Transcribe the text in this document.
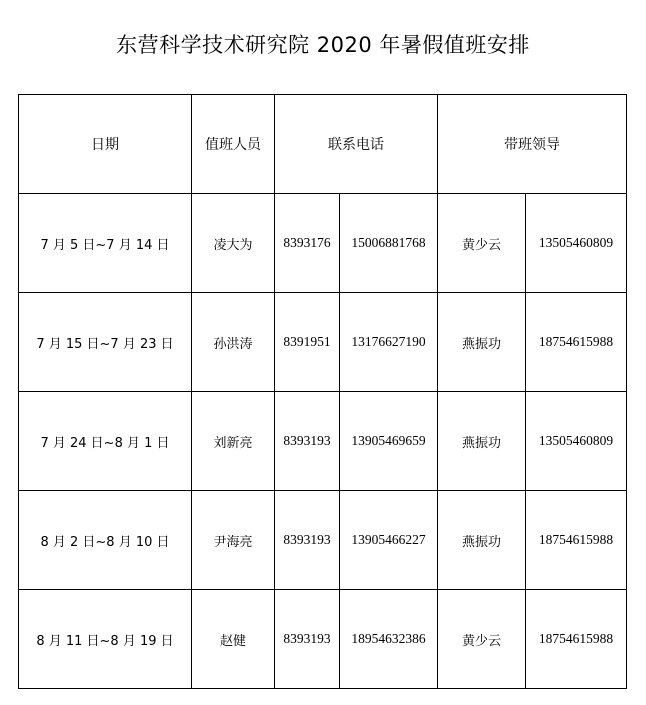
东营科学技术研究院 2020 年暑假值班安排
日期	值班人员	联系电话		带班领导	
7 月 5 日~7 月 14 日	凌大为	8393176	15006881768	黄少云	13505460809
7 月 15 日~7 月 23 日	孙洪涛	8391951	13176627190	燕振功	18754615988
7 月 24 日~8 月 1 日	刘新亮	8393193	13905469659	燕振功	13505460809
8 月 2 日~8 月 10 日	尹海亮	8393193	13905466227	燕振功	18754615988
8 月 11 日~8 月 19 日	赵健	8393193	18954632386	黄少云	18754615988
